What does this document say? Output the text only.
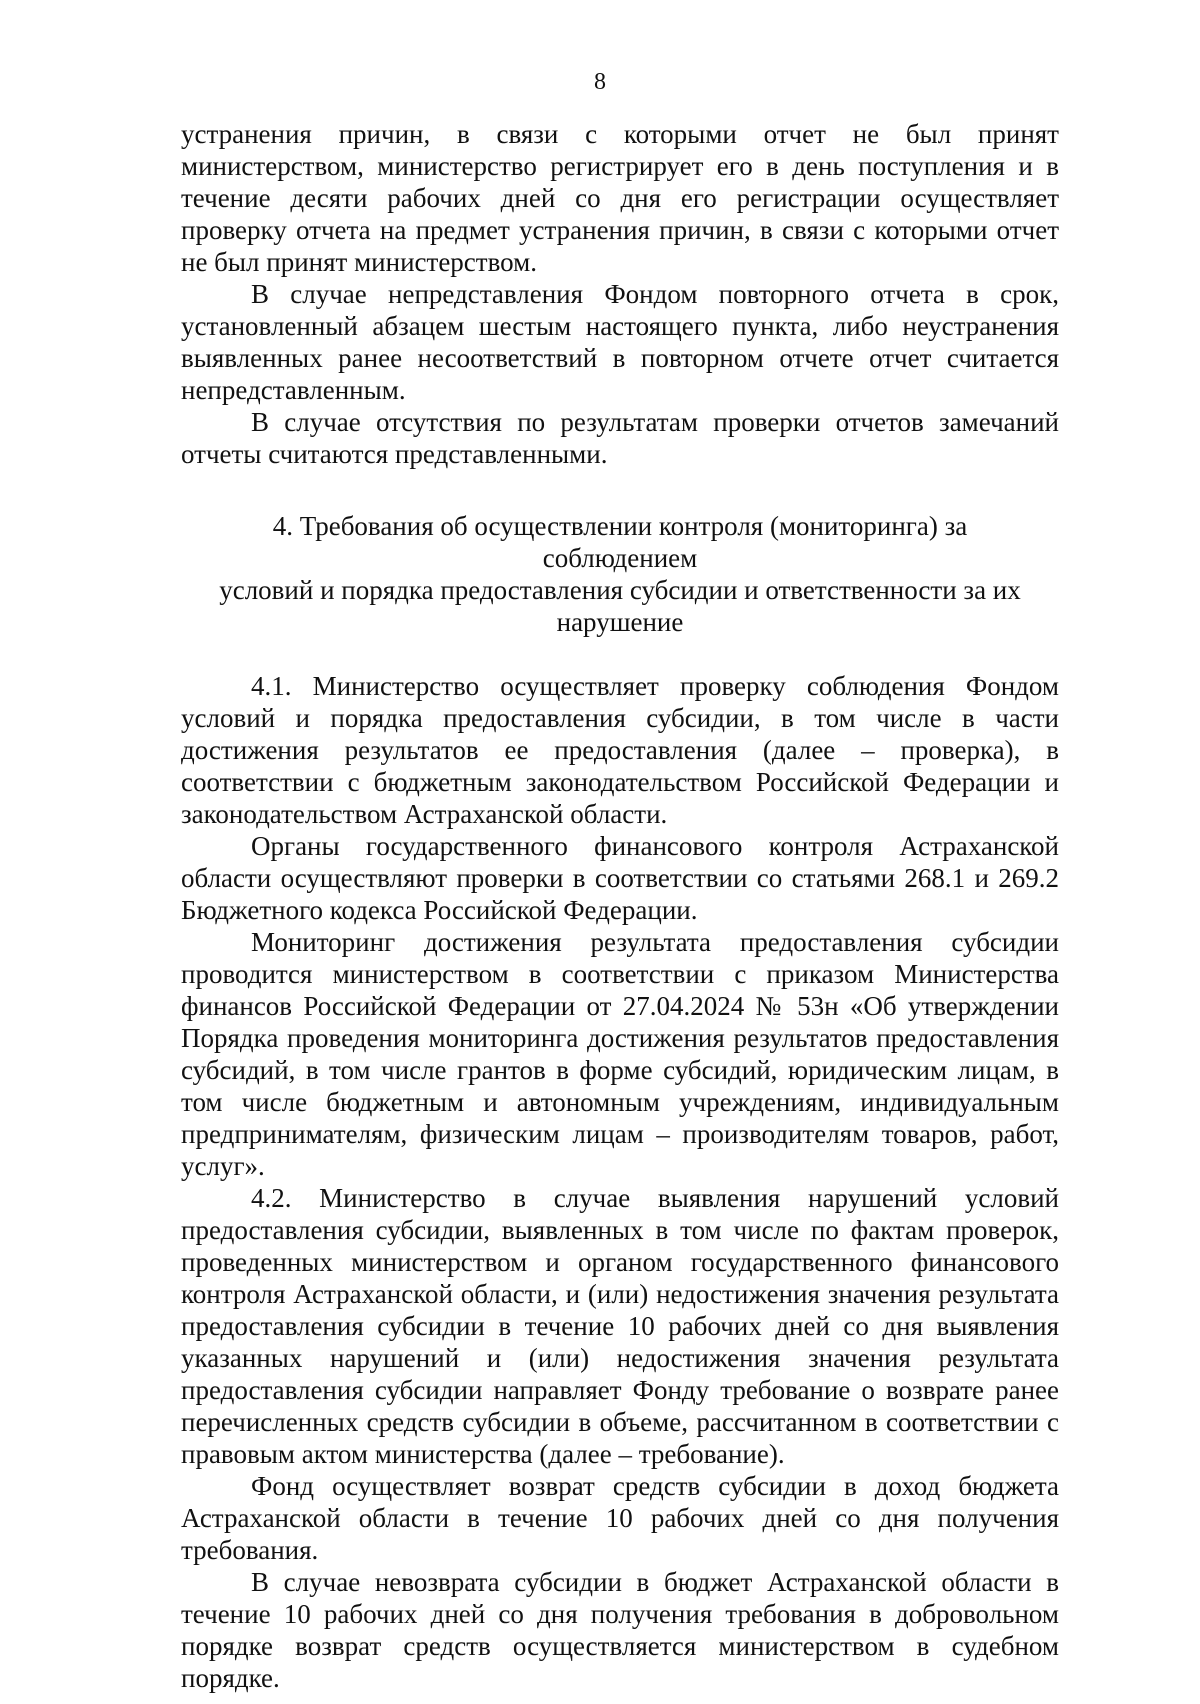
8

устранения причин, в связи с которыми отчет не был принят министерством, министерство регистрирует его в день поступления и в течение десяти рабочих дней со дня его регистрации осуществляет проверку отчета на предмет устранения причин, в связи с которыми отчет не был принят министерством.

В случае непредставления Фондом повторного отчета в срок, установленный абзацем шестым настоящего пункта, либо неустранения выявленных ранее несоответствий в повторном отчете отчет считается непредставленным.

В случае отсутствия по результатам проверки отчетов замечаний отчеты считаются представленными.

4. Требования об осуществлении контроля (мониторинга) за соблюдением
условий и порядка предоставления субсидии и ответственности за их
нарушение

4.1. Министерство осуществляет проверку соблюдения Фондом условий и порядка предоставления субсидии, в том числе в части достижения результатов ее предоставления (далее – проверка), в соответствии с бюджетным законодательством Российской Федерации и законодательством Астраханской области.

Органы государственного финансового контроля Астраханской области осуществляют проверки в соответствии со статьями 268.1 и 269.2 Бюджетного кодекса Российской Федерации.

Мониторинг достижения результата предоставления субсидии проводится министерством в соответствии с приказом Министерства финансов Российской Федерации от 27.04.2024 № 53н «Об утверждении Порядка проведения мониторинга достижения результатов предоставления субсидий, в том числе грантов в форме субсидий, юридическим лицам, в том числе бюджетным и автономным учреждениям, индивидуальным предпринимателям, физическим лицам – производителям товаров, работ, услуг».

4.2. Министерство в случае выявления нарушений условий предоставления субсидии, выявленных в том числе по фактам проверок, проведенных министерством и органом государственного финансового контроля Астраханской области, и (или) недостижения значения результата предоставления субсидии в течение 10 рабочих дней со дня выявления указанных нарушений и (или) недостижения значения результата предоставления субсидии направляет Фонду требование о возврате ранее перечисленных средств субсидии в объеме, рассчитанном в соответствии с правовым актом министерства (далее – требование).

Фонд осуществляет возврат средств субсидии в доход бюджета Астраханской области в течение 10 рабочих дней со дня получения требования.

В случае невозврата субсидии в бюджет Астраханской области в течение 10 рабочих дней со дня получения требования в добровольном порядке возврат средств осуществляется министерством в судебном порядке.
